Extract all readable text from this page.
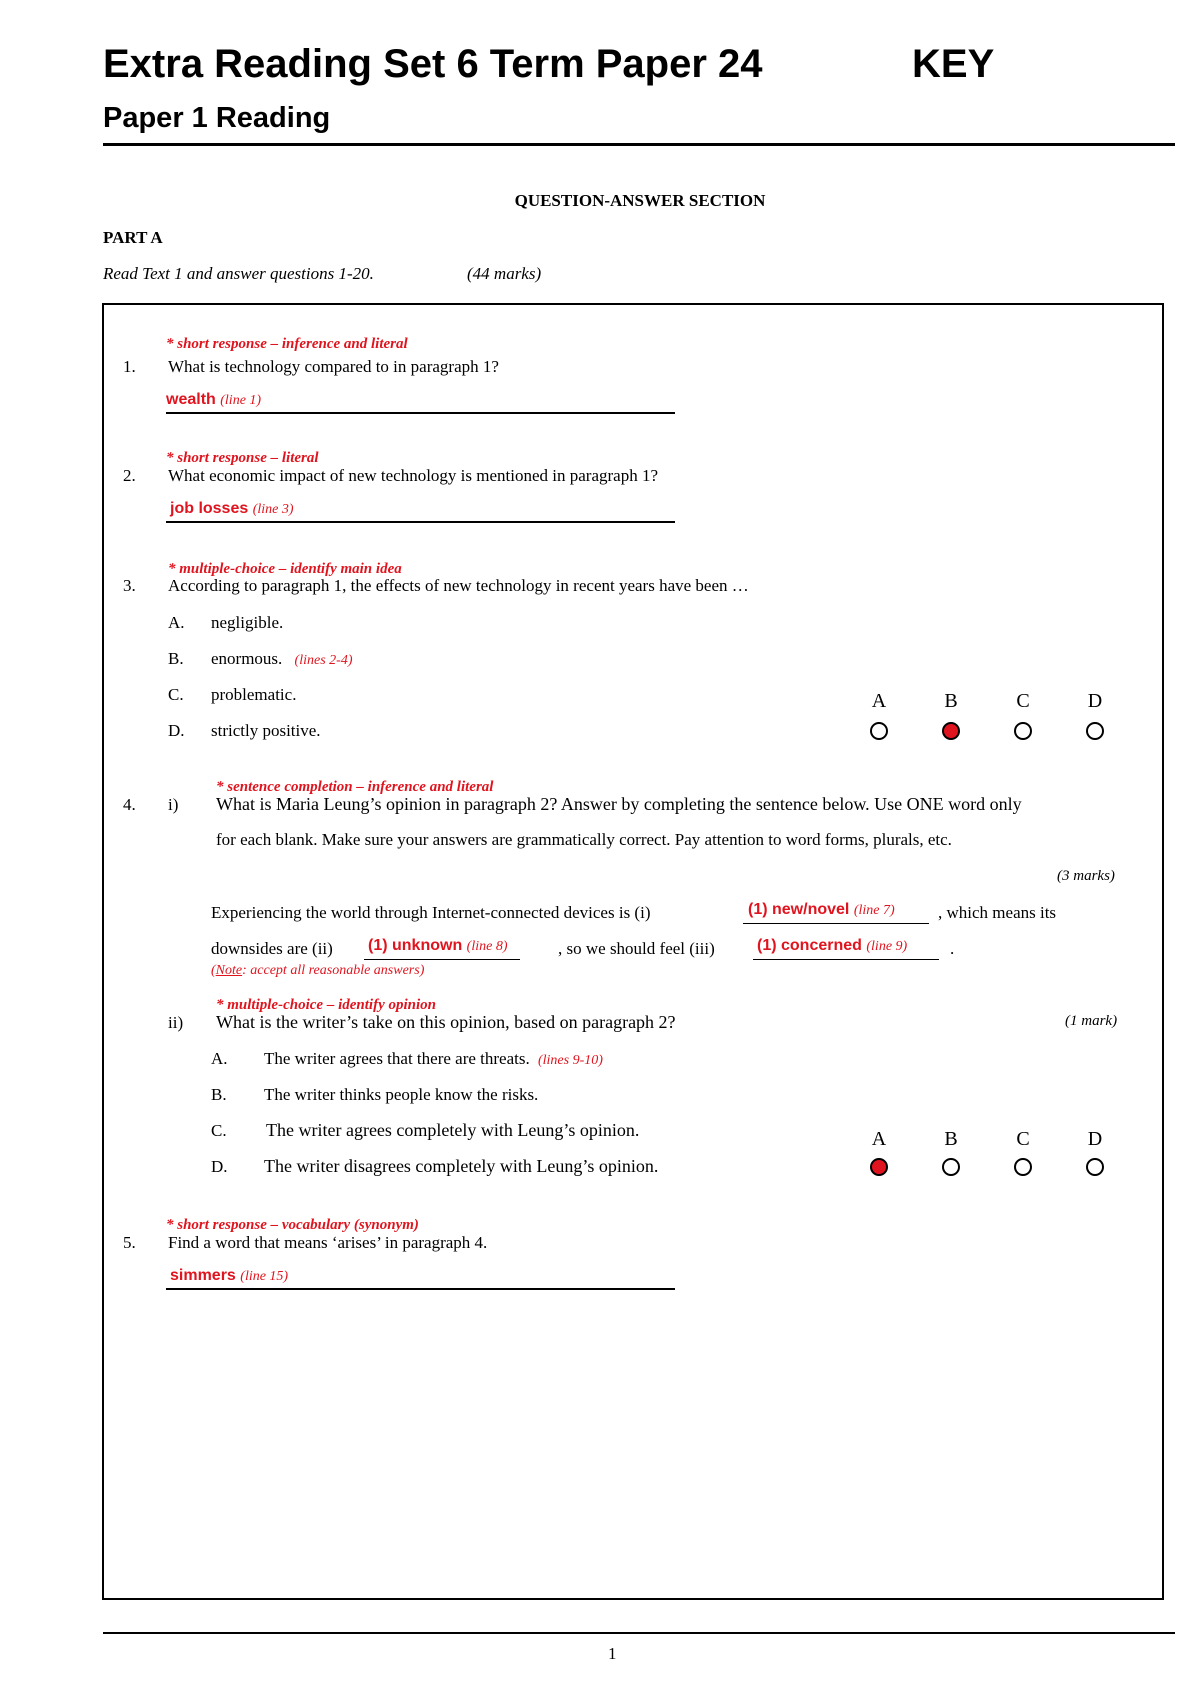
Extra Reading Set 6 Term Paper 24	KEY
Paper 1 Reading
QUESTION-ANSWER SECTION
PART A
Read Text 1 and answer questions 1-20.	(44 marks)
* short response – inference and literal
1. What is technology compared to in paragraph 1?
wealth (line 1)
* short response – literal
2. What economic impact of new technology is mentioned in paragraph 1?
job losses (line 3)
* multiple-choice – identify main idea
3. According to paragraph 1, the effects of new technology in recent years have been …
A. negligible.
B. enormous. (lines 2-4)
C. problematic.
D. strictly positive.
A	B	C	D
* sentence completion – inference and literal
4. i) What is Maria Leung’s opinion in paragraph 2? Answer by completing the sentence below. Use ONE word only
for each blank. Make sure your answers are grammatically correct. Pay attention to word forms, plurals, etc.
(3 marks)
Experiencing the world through Internet-connected devices is (i)	(1) new/novel (line 7)	, which means its
downsides are (ii) (1) unknown (line 8)	, so we should feel (iii)	(1) concerned (line 9)	.
(Note: accept all reasonable answers)
* multiple-choice – identify opinion
ii) What is the writer’s take on this opinion, based on paragraph 2?	(1 mark)
A. The writer agrees that there are threats. (lines 9-10)
B. The writer thinks people know the risks.
C. The writer agrees completely with Leung’s opinion.
D. The writer disagrees completely with Leung’s opinion.
A	B	C	D
* short response – vocabulary (synonym)
5. Find a word that means ‘arises’ in paragraph 4.
simmers (line 15)
1
